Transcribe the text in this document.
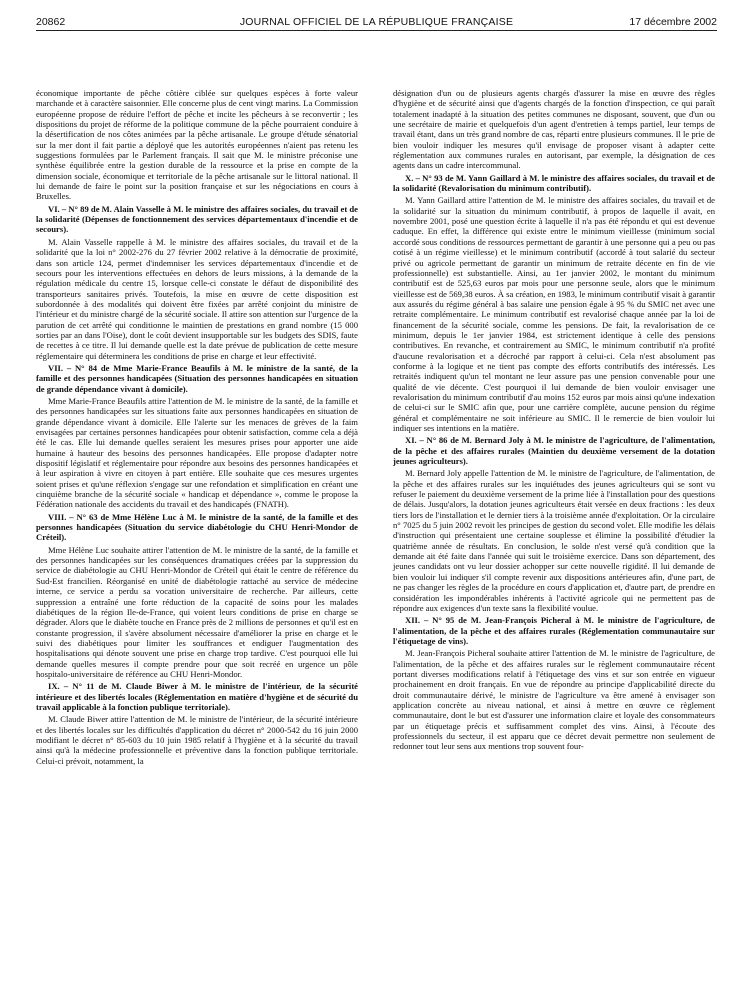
20862	JOURNAL OFFICIEL DE LA RÉPUBLIQUE FRANÇAISE	17 décembre 2002

économique importante de pêche côtière ciblée sur quelques espèces à forte valeur marchande et à caractère saisonnier. Elle concerne plus de cent vingt marins. La Commission européenne propose de réduire l'effort de pêche et incite les pêcheurs à se reconvertir ; les dispositions du projet de réforme de la politique commune de la pêche pourraient conduire à la désertification de nos côtes animées par la pêche artisanale. Le groupe d'étude sénatorial sur la mer dont il fait partie a déployé que les autorités européennes n'aient pas retenu les suggestions formulées par le Parlement français. Il sait que M. le ministre préconise une synthèse équilibrée entre la gestion durable de la ressource et la prise en compte de la dimension sociale, économique et territoriale de la pêche artisanale sur le littoral national. Il lui demande de faire le point sur la position française et sur les négociations en cours à Bruxelles.

VI. – N° 89 de M. Alain Vasselle à M. le ministre des affaires sociales, du travail et de la solidarité (Dépenses de fonctionnement des services départementaux d'incendie et de secours).

M. Alain Vasselle rappelle à M. le ministre des affaires sociales, du travail et de la solidarité que la loi n° 2002-276 du 27 février 2002 relative à la démocratie de proximité, dans son article 124, permet d'indemniser les services départementaux d'incendie et de secours pour les interventions effectuées en dehors de leurs missions, à la demande de la régulation médicale du centre 15, lorsque celle-ci constate le défaut de disponibilité des transporteurs sanitaires privés. Toutefois, la mise en œuvre de cette disposition est subordonnée à des modalités qui doivent être fixées par arrêté conjoint du ministre de l'intérieur et du ministre chargé de la sécurité sociale. Il attire son attention sur l'urgence de la parution de cet arrêté qui conditionne le maintien de prestations en grand nombre (15 000 sorties par an dans l'Oise), dont le coût devient insupportable sur les budgets des SDIS, faute de recettes à ce titre. Il lui demande quelle est la date prévue de publication de cette mesure réglementaire qui déterminera les conditions de prise en charge et leur effectivité.

VII. – N° 84 de Mme Marie-France Beaufils à M. le ministre de la santé, de la famille et des personnes handicapées (Situation des personnes handicapées en situation de grande dépendance vivant à domicile).

Mme Marie-France Beaufils attire l'attention de M. le ministre de la santé, de la famille et des personnes handicapées sur les situations faite aux personnes handicapées en situation de grande dépendance vivant à domicile. Elle l'alerte sur les menaces de grèves de la faim envisagées par certaines personnes handicapées pour obtenir satisfaction, comme cela a déjà été le cas. Elle lui demande quelles seraient les mesures prises pour apporter une aide humaine à hauteur des besoins des personnes handicapées. Elle propose d'adapter notre dispositif législatif et réglementaire pour répondre aux besoins des personnes handicapées et à leur aspiration à vivre en citoyen à part entière. Elle souhaite que ces mesures urgentes soient prises et qu'une réflexion s'engage sur une refondation et simplification en créant une cinquième branche de la sécurité sociale « handicap et dépendance », comme le propose la Fédération nationale des accidents du travail et des handicapés (FNATH).

VIII. – N° 63 de Mme Hélène Luc à M. le ministre de la santé, de la famille et des personnes handicapées (Situation du service diabétologie du CHU Henri-Mondor de Créteil).

Mme Hélène Luc souhaite attirer l'attention de M. le ministre de la santé, de la famille et des personnes handicapées sur les conséquences dramatiques créées par la suppression du service de diabétologie au CHU Henri-Mondor de Créteil qui était le centre de référence du Sud-Est francilien. Réorganisé en unité de diabétologie rattaché au service de médecine interne, ce service a perdu sa vocation universitaire de recherche. Par ailleurs, cette suppression a entraîné une forte réduction de la capacité de soins pour les malades diabétiques de la région Ile-de-France, qui voient leurs conditions de prise en charge se dégrader. Alors que le diabète touche en France près de 2 millions de personnes et qu'il est en constante progression, il s'avère absolument nécessaire d'améliorer la prise en charge et le suivi des diabétiques pour limiter les souffrances et endiguer l'augmentation des hospitalisations qui dénote souvent une prise en charge trop tardive. C'est pourquoi elle lui demande quelles mesures il compte prendre pour que soit recréé en urgence un pôle hospitalo-universitaire de référence au CHU Henri-Mondor.

IX. – N° 11 de M. Claude Biwer à M. le ministre de l'intérieur, de la sécurité intérieure et des libertés locales (Réglementation en matière d'hygiène et de sécurité du travail applicable à la fonction publique territoriale).

M. Claude Biwer attire l'attention de M. le ministre de l'intérieur, de la sécurité intérieure et des libertés locales sur les difficultés d'application du décret n° 2000-542 du 16 juin 2000 modifiant le décret n° 85-603 du 10 juin 1985 relatif à l'hygiène et à la sécurité du travail ainsi qu'à la médecine professionnelle et préventive dans la fonction publique territoriale. Celui-ci prévoit, notamment, la

désignation d'un ou de plusieurs agents chargés d'assurer la mise en œuvre des règles d'hygiène et de sécurité ainsi que d'agents chargés de la fonction d'inspection, ce qui paraît totalement inadapté à la situation des petites communes ne disposant, souvent, que d'un ou une secrétaire de mairie et quelquefois d'un agent d'entretien à temps partiel, leur temps de travail étant, dans un très grand nombre de cas, réparti entre plusieurs communes. Il le prie de bien vouloir indiquer les mesures qu'il envisage de proposer visant à adapter cette réglementation aux communes rurales en autorisant, par exemple, la désignation de ces agents dans un cadre intercommunal.

X. – N° 93 de M. Yann Gaillard à M. le ministre des affaires sociales, du travail et de la solidarité (Revalorisation du minimum contributif).

M. Yann Gaillard attire l'attention de M. le ministre des affaires sociales, du travail et de la solidarité sur la situation du minimum contributif, à propos de laquelle il avait, en novembre 2001, posé une question écrite à laquelle il n'a pas été répondu et qui est devenue caduque. En effet, la différence qui existe entre le minimum vieillesse (minimum social accordé sous conditions de ressources permettant de garantir à une personne qui a peu ou pas cotisé à un régime vieillesse) et le minimum contributif (accordé à tout salarié du secteur privé ou agricole permettant de garantir un minimum de retraite décente en fin de vie professionnelle) est substantielle. Ainsi, au 1er janvier 2002, le montant du minimum contributif est de 525,63 euros par mois pour une personne seule, alors que le minimum vieillesse est de 569,38 euros. À sa création, en 1983, le minimum contributif visait à garantir aux assurés du régime général à bas salaire une pension égale à 95 % du SMIC net avec une retraite complémentaire. Le minimum contributif est revalorisé chaque année par la loi de financement de la sécurité sociale, comme les pensions. De fait, la revalorisation de ce minimum, depuis le 1er janvier 1984, est strictement identique à celle des pensions contributives. En revanche, et contrairement au SMIC, le minimum contributif n'a profité d'aucune revalorisation et a décroché par rapport à celui-ci. Cela n'est absolument pas conforme à la logique et ne tient pas compte des efforts contributifs des intéressés. Les retraités indiquent qu'un tel montant ne leur assure pas une pension convenable pour une qualité de vie décente. C'est pourquoi il lui demande de bien vouloir envisager une revalorisation du minimum contributif d'au moins 152 euros par mois ainsi qu'une indexation de celui-ci sur le SMIC afin que, pour une carrière complète, aucune pension du régime général et complémentaire ne soit inférieure au SMIC. Il le remercie de bien vouloir lui indiquer ses intentions en la matière.

XI. – N° 86 de M. Bernard Joly à M. le ministre de l'agriculture, de l'alimentation, de la pêche et des affaires rurales (Maintien du deuxième versement de la dotation jeunes agriculteurs).

M. Bernard Joly appelle l'attention de M. le ministre de l'agriculture, de l'alimentation, de la pêche et des affaires rurales sur les inquiétudes des jeunes agriculteurs qui se sont vu refuser le paiement du deuxième versement de la prime liée à l'installation pour des questions de délais. Jusqu'alors, la dotation jeunes agriculteurs était versée en deux fractions : les deux tiers lors de l'installation et le dernier tiers à la troisième année d'exploitation. Or la circulaire n° 7025 du 5 juin 2002 revoit les principes de gestion du second volet. Elle modifie les délais d'instruction qui présentaient une certaine souplesse et élimine la possibilité d'étudier la quatrième année de résultats. En conclusion, le solde n'est versé qu'à condition que la demande ait été faite dans l'année qui suit le troisième exercice. Dans son département, des jeunes candidats ont vu leur dossier achopper sur cette nouvelle rigidité. Il lui demande de bien vouloir lui indiquer s'il compte revenir aux dispositions antérieures afin, d'une part, de ne pas changer les règles de la procédure en cours d'application et, d'autre part, de prendre en considération les impondérables inhérents à l'activité agricole qui ne permettent pas de répondre aux exigences d'un texte sans la flexibilité voulue.

XII. – N° 95 de M. Jean-François Picheral à M. le ministre de l'agriculture, de l'alimentation, de la pêche et des affaires rurales (Réglementation communautaire sur l'étiquetage de vins).

M. Jean-François Picheral souhaite attirer l'attention de M. le ministre de l'agriculture, de l'alimentation, de la pêche et des affaires rurales sur le règlement communautaire récent portant diverses modifications relatif à l'étiquetage des vins et sur son entrée en vigueur prochainement en droit français. En vue de répondre au principe d'applicabilité directe du droit communautaire dérivé, le ministre de l'agriculture va être amené à envisager son application concrète au niveau national, et ainsi à mettre en œuvre ce règlement communautaire, dont le but est d'assurer une information claire et loyale des consommateurs par un étiquetage précis et suffisamment complet des vins. Ainsi, à l'écoute des professionnels du secteur, il est apparu que ce décret devait permettre non seulement de redonner tout leur sens aux mentions trop souvent four-
